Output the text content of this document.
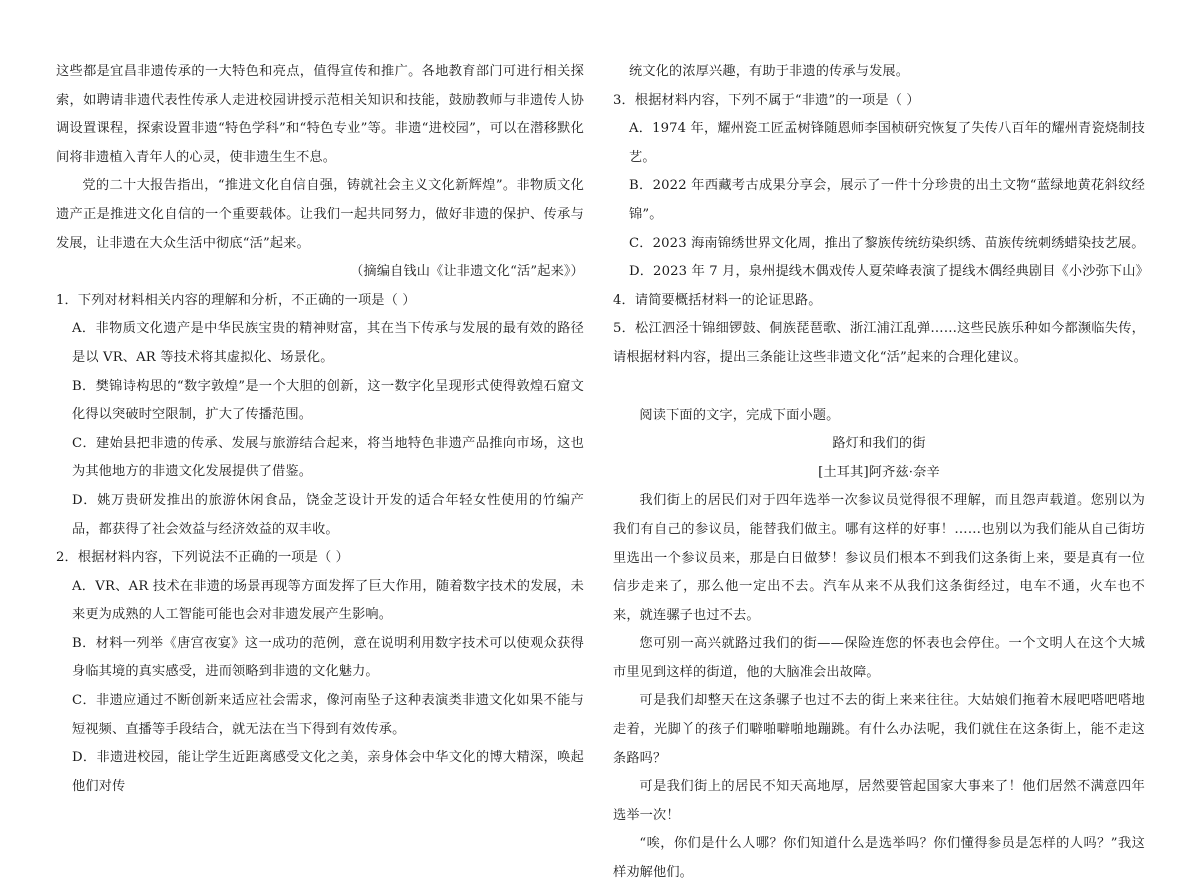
这些都是宜昌非遗传承的一大特色和亮点，值得宣传和推广。各地教育部门可进行相关探索，如聘请非遗代表性传承人走进校园讲授示范相关知识和技能，鼓励教师与非遗传人协调设置课程，探索设置非遗“特色学科”和“特色专业”等。非遗“进校园”，可以在潜移默化间将非遗植入青年人的心灵，使非遗生生不息。

党的二十大报告指出，“推进文化自信自强，铸就社会主义文化新辉煌”。非物质文化遗产正是推进文化自信的一个重要载体。让我们一起共同努力，做好非遗的保护、传承与发展，让非遗在大众生活中彻底“活”起来。

（摘编自钱山《让非遗文化“活”起来》）

1．下列对材料相关内容的理解和分析，不正确的一项是（ ）

A．非物质文化遗产是中华民族宝贵的精神财富，其在当下传承与发展的最有效的路径是以 VR、AR 等技术将其虚拟化、场景化。

B．樊锦诗构思的“数字敦煌”是一个大胆的创新，这一数字化呈现形式使得敦煌石窟文化得以突破时空限制，扩大了传播范围。

C．建始县把非遗的传承、发展与旅游结合起来，将当地特色非遗产品推向市场，这也为其他地方的非遗文化发展提供了借鉴。

D．姚万贵研发推出的旅游休闲食品，饶金芝设计开发的适合年轻女性使用的竹编产品，都获得了社会效益与经济效益的双丰收。

2．根据材料内容，下列说法不正确的一项是（ ）

A．VR、AR 技术在非遗的场景再现等方面发挥了巨大作用，随着数字技术的发展，未来更为成熟的人工智能可能也会对非遗发展产生影响。

B．材料一列举《唐宫夜宴》这一成功的范例，意在说明利用数字技术可以使观众获得身临其境的真实感受，进而领略到非遗的文化魅力。

C．非遗应通过不断创新来适应社会需求，像河南坠子这种表演类非遗文化如果不能与短视频、直播等手段结合，就无法在当下得到有效传承。

D．非遗进校园，能让学生近距离感受文化之美，亲身体会中华文化的博大精深，唤起他们对传

统文化的浓厚兴趣，有助于非遗的传承与发展。

3．根据材料内容，下列不属于“非遗”的一项是（ ）

A．1974 年，耀州瓷工匠孟树锋随恩师李国桢研究恢复了失传八百年的耀州青瓷烧制技艺。

B．2022 年西藏考古成果分享会，展示了一件十分珍贵的出土文物“蓝绿地黄花斜纹经锦”。

C．2023 海南锦绣世界文化周，推出了黎族传统纺染织绣、苗族传统刺绣蜡染技艺展。

D．2023 年 7 月，泉州提线木偶戏传人夏荣峰表演了提线木偶经典剧目《小沙弥下山》

4．请简要概括材料一的论证思路。

5．松江泗泾十锦细锣鼓、侗族琵琶歌、浙江浦江乱弹……这些民族乐种如今都濒临失传，请根据材料内容，提出三条能让这些非遗文化“活”起来的合理化建议。

阅读下面的文字，完成下面小题。

路灯和我们的街

[土耳其]阿齐兹·奈辛

我们街上的居民们对于四年选举一次参议员觉得很不理解，而且怨声载道。您别以为我们有自己的参议员，能替我们做主。哪有这样的好事！……也别以为我们能从自己街坊里选出一个参议员来，那是白日做梦！参议员们根本不到我们这条街上来，要是真有一位信步走来了，那么他一定出不去。汽车从来不从我们这条街经过，电车不通，火车也不来，就连骡子也过不去。

您可别一高兴就路过我们的街——保险连您的怀表也会停住。一个文明人在这个大城市里见到这样的街道，他的大脑准会出故障。

可是我们却整天在这条骡子也过不去的街上来来往往。大姑娘们拖着木屐吧嗒吧嗒地走着，光脚丫的孩子们噼啪噼啪地蹦跳。有什么办法呢，我们就住在这条街上，能不走这条路吗？

可是我们街上的居民不知天高地厚，居然要管起国家大事来了！他们居然不满意四年选举一次！

“唉，你们是什么人哪？你们知道什么是选举吗？你们懂得参员是怎样的人吗？”我这样劝解他们。
